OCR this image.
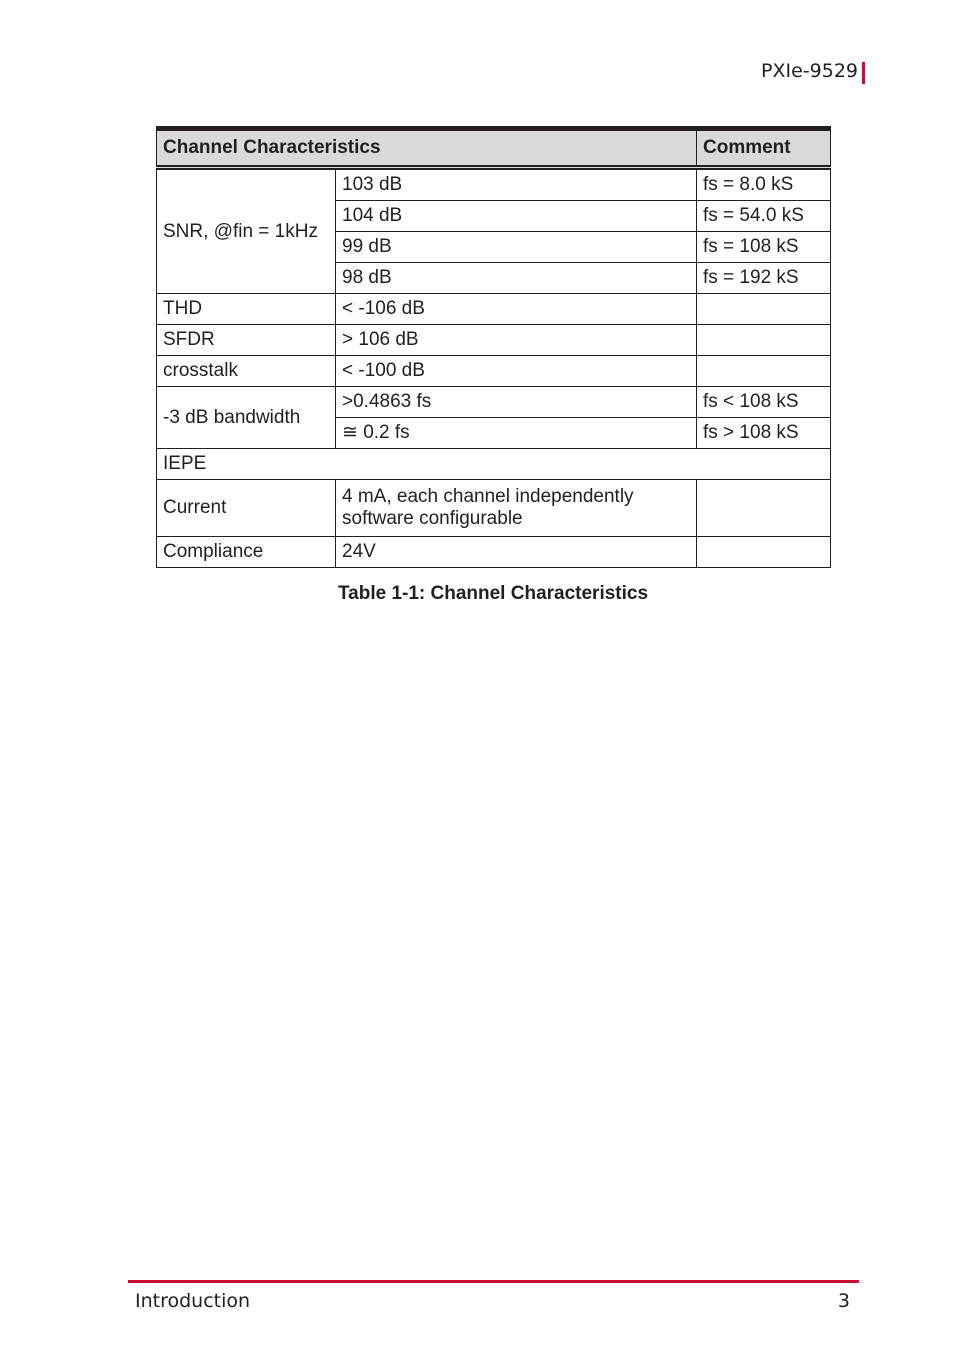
PXIe-9529
Channel Characteristics		Comment
SNR, @fin = 1kHz	103 dB	fs = 8.0 kS
	104 dB	fs = 54.0 kS
	99 dB	fs = 108 kS
	98 dB	fs = 192 kS
THD	< -106 dB	
SFDR	> 106 dB	
crosstalk	< -100 dB	
-3 dB bandwidth	>0.4863 fs	fs < 108 kS
	≅ 0.2 fs	fs > 108 kS
IEPE		
Current	4 mA, each channel independently
software configurable	

Compliance	24V	
Table 1-1: Channel Characteristics
Introduction	3
